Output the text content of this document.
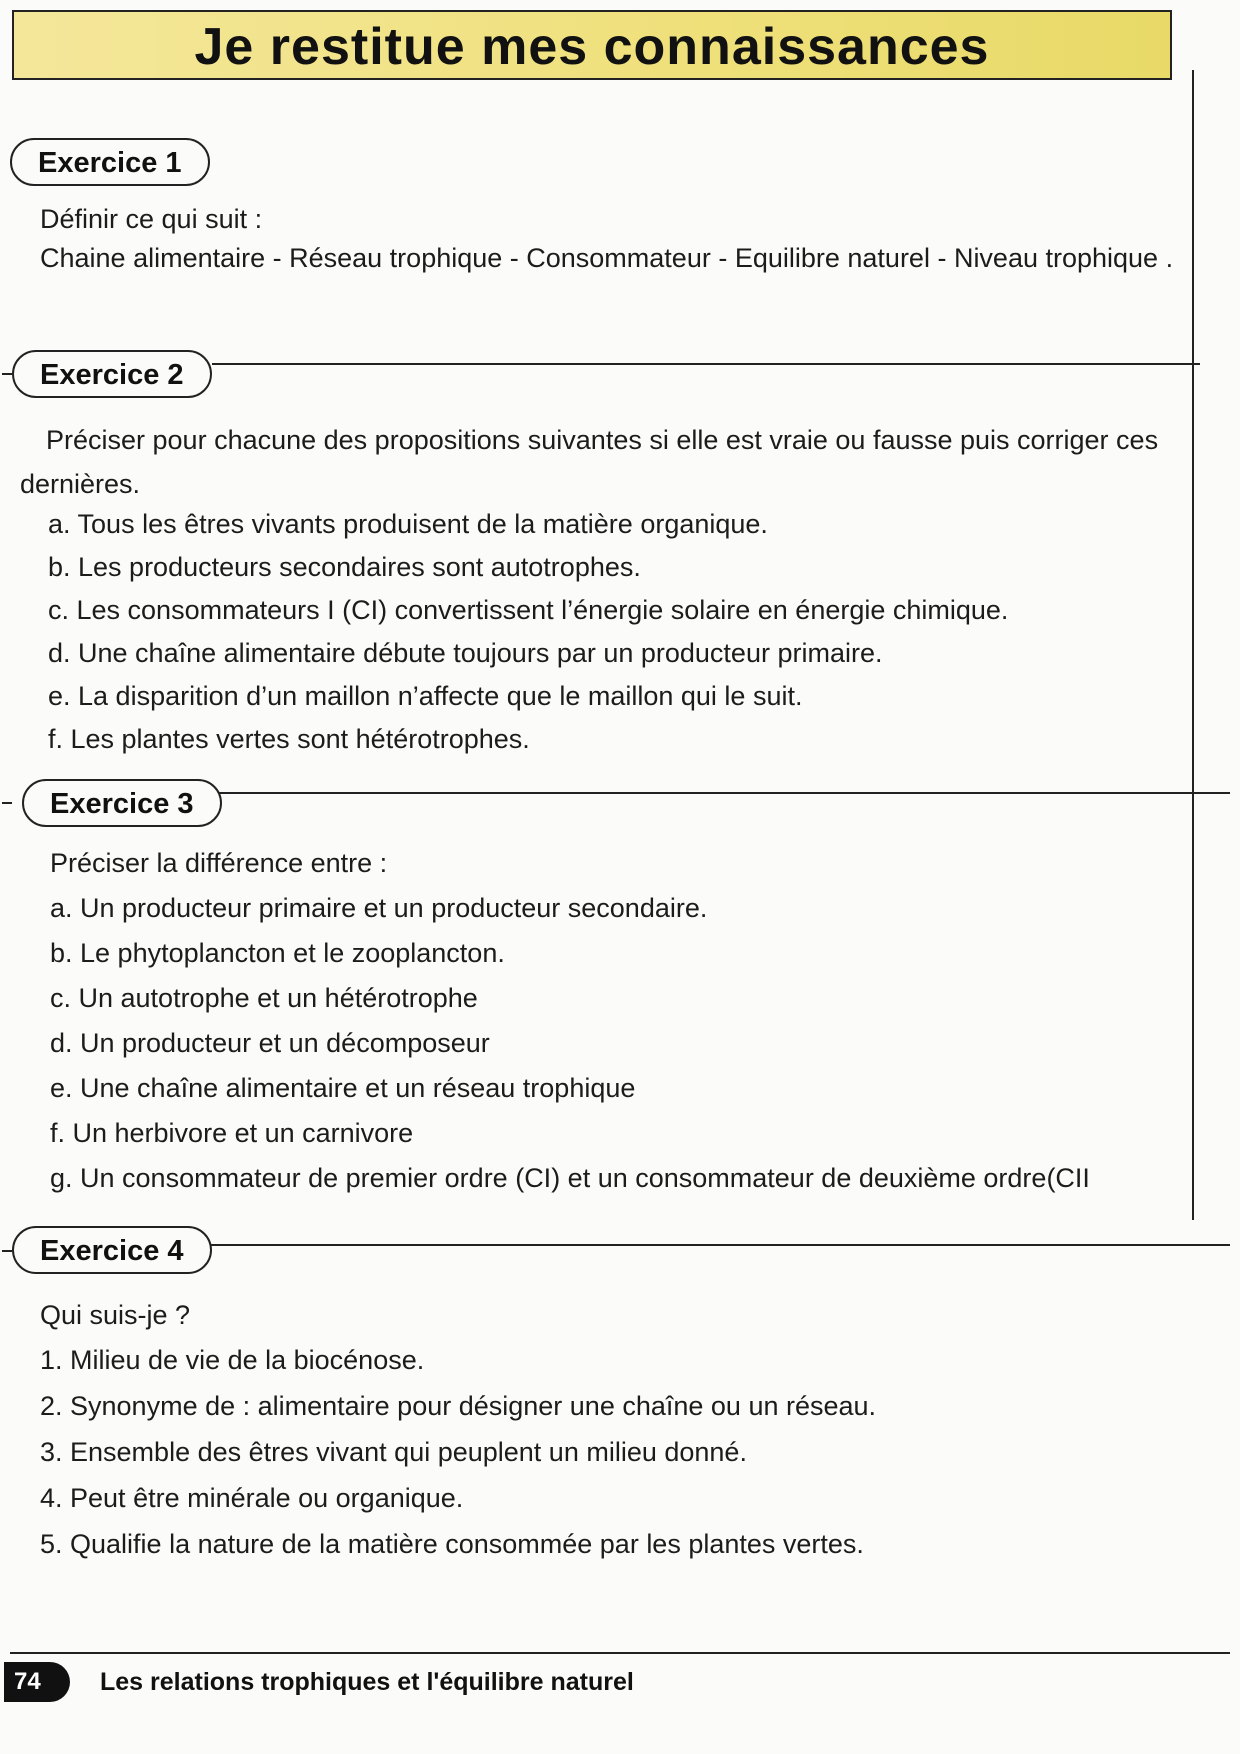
Je restitue mes connaissances
Exercice 1
Définir ce qui suit :
Chaine alimentaire - Réseau trophique - Consommateur - Equilibre naturel - Niveau trophique .
Exercice 2
Préciser pour chacune des propositions suivantes si elle est vraie ou fausse puis corriger ces dernières.
a. Tous les êtres vivants produisent de la matière organique.
b. Les producteurs secondaires sont autotrophes.
c. Les consommateurs I (CI) convertissent l’énergie solaire en énergie chimique.
d. Une chaîne alimentaire débute toujours par un producteur primaire.
e. La disparition d’un maillon n’affecte que le maillon qui le suit.
f. Les plantes vertes sont hétérotrophes.
Exercice 3
Préciser la différence entre :
a. Un producteur primaire et un producteur secondaire.
b. Le phytoplancton et le zooplancton.
c. Un autotrophe et un hétérotrophe
d. Un producteur et un décomposeur
e. Une chaîne alimentaire et un réseau trophique
f. Un herbivore et un carnivore
g. Un consommateur de premier ordre (CI) et un consommateur de deuxième ordre(CII
Exercice 4
Qui suis-je ?
1. Milieu de vie de la biocénose.
2. Synonyme de : alimentaire pour désigner une chaîne ou un réseau.
3. Ensemble des êtres vivant qui peuplent un milieu donné.
4. Peut être minérale ou organique.
5. Qualifie la nature de la matière consommée par les plantes vertes.
74	Les relations trophiques et l'équilibre naturel
